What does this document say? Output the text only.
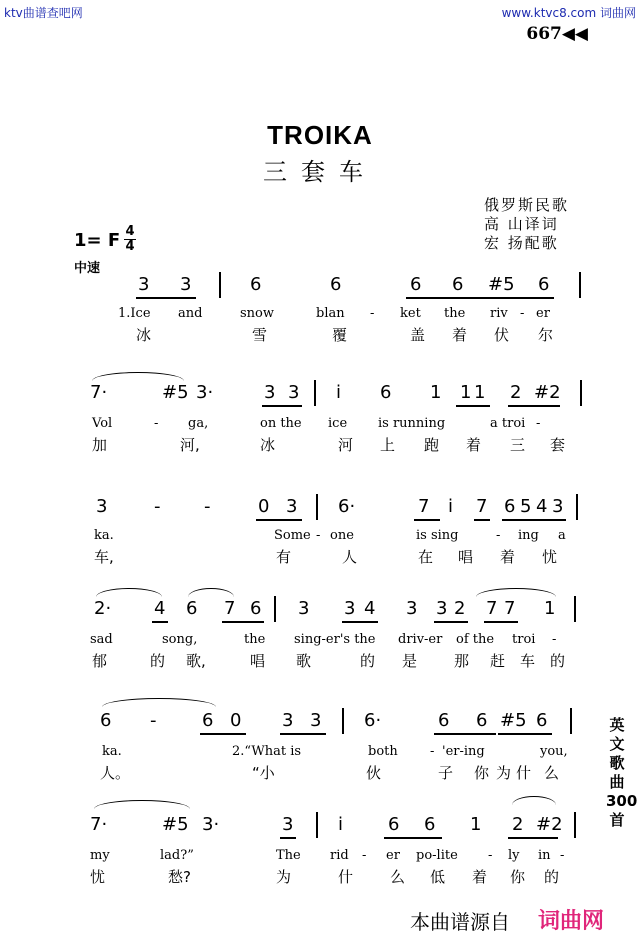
ktv曲谱查吧网	www.ktvc8.com 词曲网
667◀◀
TROIKA
三套车
俄罗斯民歌
高 山译词
宏 扬配歌
1= F 4
4
中速
3 3	6	6	6 6 #5 6
1.Ice and	snow	blan - ket the riv - er
冰	雪	覆	盖 着 伏 尔
7·	#5 3·	3 3 i 6 1 1 1 2 #2
Vol	- ga,	on the ice is running	a troi -
加	河,	冰	河 上 跑 着 三 套
3	- -	0 3 6·	7 i 7 6 5 4 3
ka.	Some - one	is sing	- ing a
车,	有	人	在 唱 着 忧
2· 4 6 7 6 3 3 4 3 3 2 7 7 1
sad	song,	the sing-er's the driv-er of the troi -
郁	的 歌,	唱 歌	的 是 那 赶 车 的
6 -	6 0 3 3 6·	6 6 #5 6
ka.	2.“What is	both - 'er-ing	you,
人。	“小	伙	子 你 为 什 么
7·	#5 3·	3 i 6 6 1 2 #2
my	lad?”	The rid - er po-lite - ly in -
忧	愁?	为	什 么 低 着 你 的
英文歌曲300首
本曲谱源自 词曲网
